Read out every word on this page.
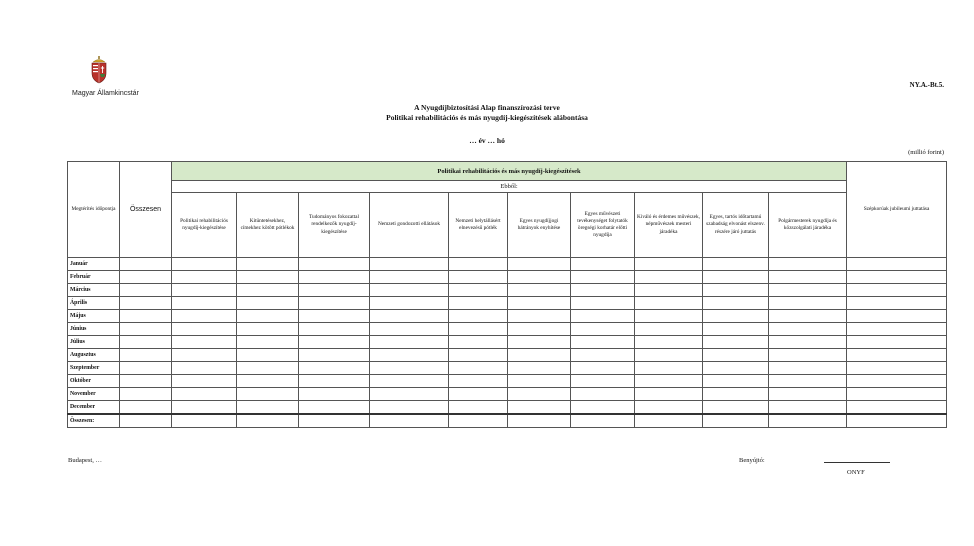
Magyar Államkincstár
NY.A.-Bt.5.
A Nyugdíjbiztosítási Alap finanszírozási terve
Politikai rehabilitációs és más nyugdíj-kiegészítések alábontása
… év … hó
(millió forint)
Megtérítés időpontja	Összesen	Politikai rehabilitációs és más nyugdíj-kiegészítések										Szépkorúak jubileumi juttatása
		Ebből:										
		Politikai rehabilitációs nyugdíj-kiegészítése	Kitüntetésekhez, címekhez kötött pótlékok	Tudományos fokozattal rendelkezők nyugdíj-kiegészítése	Nemzeti gondozotti ellátások	Nemzeti helytállásért elnevezésű pótlék	Egyes nyugdíjjogi hátrányok enyhítése	Egyes művészeti tevékenységet folytatók öregségi korhatár előtti nyugdíja	Kiváló és érdemes művészek, népművészek mesteri járadéka	Egyes, tartós időtartamú szabadság elvonást elszenv. részére járó juttatás	Polgármesterek nyugdíja és közszolgálati járadéka	
Január												
Február												
Március												
Április												
Május												
Június												
Július												
Augusztus												
Szeptember												
Október												
November												
December												
Összesen:												
Budapest, …	Benyújtó:
ONYF
